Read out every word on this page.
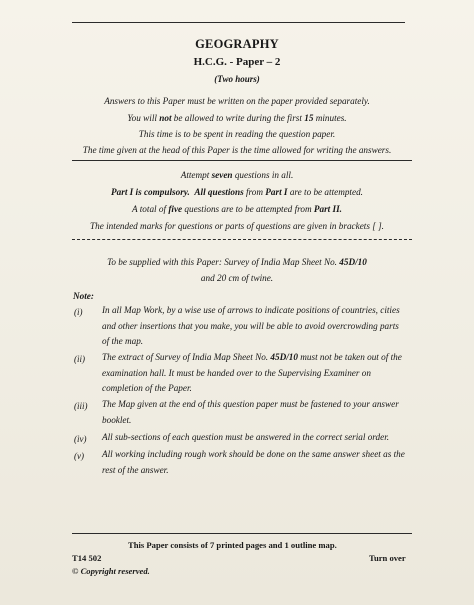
GEOGRAPHY
H.C.G. - Paper – 2
(Two hours)
Answers to this Paper must be written on the paper provided separately.
You will not be allowed to write during the first 15 minutes.
This time is to be spent in reading the question paper.
The time given at the head of this Paper is the time allowed for writing the answers.
Attempt seven questions in all.
Part I is compulsory. All questions from Part I are to be attempted.
A total of five questions are to be attempted from Part II.
The intended marks for questions or parts of questions are given in brackets [ ].
To be supplied with this Paper: Survey of India Map Sheet No. 45D/10
and 20 cm of twine.
Note:
(i) In all Map Work, by a wise use of arrows to indicate positions of countries, cities
and other insertions that you make, you will be able to avoid overcrowding parts
of the map.
(ii) The extract of Survey of India Map Sheet No. 45D/10 must not be taken out of the
examination hall. It must be handed over to the Supervising Examiner on
completion of the Paper.
(iii) The Map given at the end of this question paper must be fastened to your answer
booklet.
(iv) All sub-sections of each question must be answered in the correct serial order.
(v) All working including rough work should be done on the same answer sheet as the
rest of the answer.
This Paper consists of 7 printed pages and 1 outline map.
T14 502	Turn over
© Copyright reserved.
